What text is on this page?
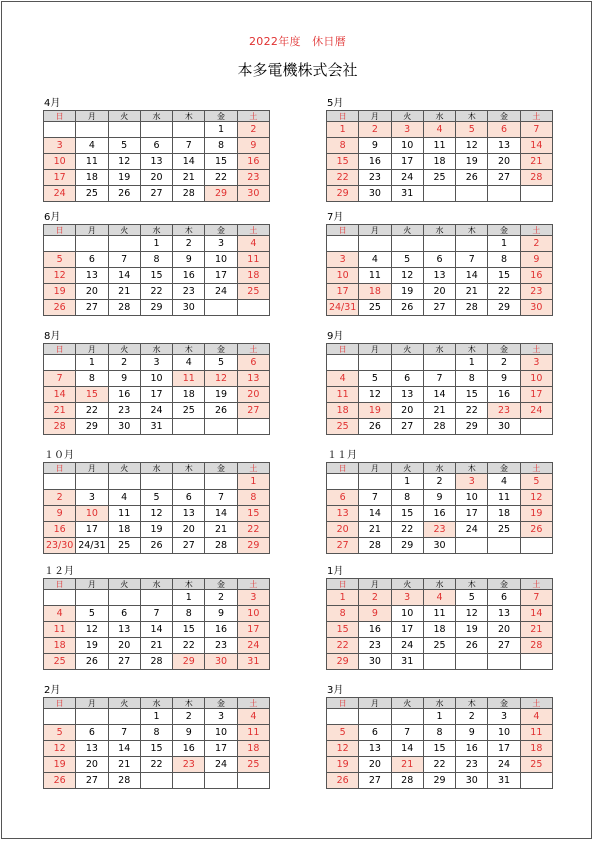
2022年度　休日暦
本多電機株式会社
4月
日	月	火	水	木	金	土
					1	2
3	4	5	6	7	8	9
10	11	12	13	14	15	16
17	18	19	20	21	22	23
24	25	26	27	28	29	30
5月
日	月	火	水	木	金	土
1	2	3	4	5	6	7
8	9	10	11	12	13	14
15	16	17	18	19	20	21
22	23	24	25	26	27	28
29	30	31				
6月
日	月	火	水	木	金	土
			1	2	3	4
5	6	7	8	9	10	11
12	13	14	15	16	17	18
19	20	21	22	23	24	25
26	27	28	29	30		
7月
日	月	火	水	木	金	土
					1	2
3	4	5	6	7	8	9
10	11	12	13	14	15	16
17	18	19	20	21	22	23
24/31	25	26	27	28	29	30
8月
日	月	火	水	木	金	土
	1	2	3	4	5	6
7	8	9	10	11	12	13
14	15	16	17	18	19	20
21	22	23	24	25	26	27
28	29	30	31			
9月
日	月	火	水	木	金	土
				1	2	3
4	5	6	7	8	9	10
11	12	13	14	15	16	17
18	19	20	21	22	23	24
25	26	27	28	29	30	
１０月
日	月	火	水	木	金	土
						1
2	3	4	5	6	7	8
9	10	11	12	13	14	15
16	17	18	19	20	21	22
23/30	24/31	25	26	27	28	29
１１月
日	月	火	水	木	金	土
		1	2	3	4	5
6	7	8	9	10	11	12
13	14	15	16	17	18	19
20	21	22	23	24	25	26
27	28	29	30			
１２月
日	月	火	水	木	金	土
				1	2	3
4	5	6	7	8	9	10
11	12	13	14	15	16	17
18	19	20	21	22	23	24
25	26	27	28	29	30	31
1月
日	月	火	水	木	金	土
1	2	3	4	5	6	7
8	9	10	11	12	13	14
15	16	17	18	19	20	21
22	23	24	25	26	27	28
29	30	31				
2月
日	月	火	水	木	金	土
			1	2	3	4
5	6	7	8	9	10	11
12	13	14	15	16	17	18
19	20	21	22	23	24	25
26	27	28				
3月
日	月	火	水	木	金	土
			1	2	3	4
5	6	7	8	9	10	11
12	13	14	15	16	17	18
19	20	21	22	23	24	25
26	27	28	29	30	31	
